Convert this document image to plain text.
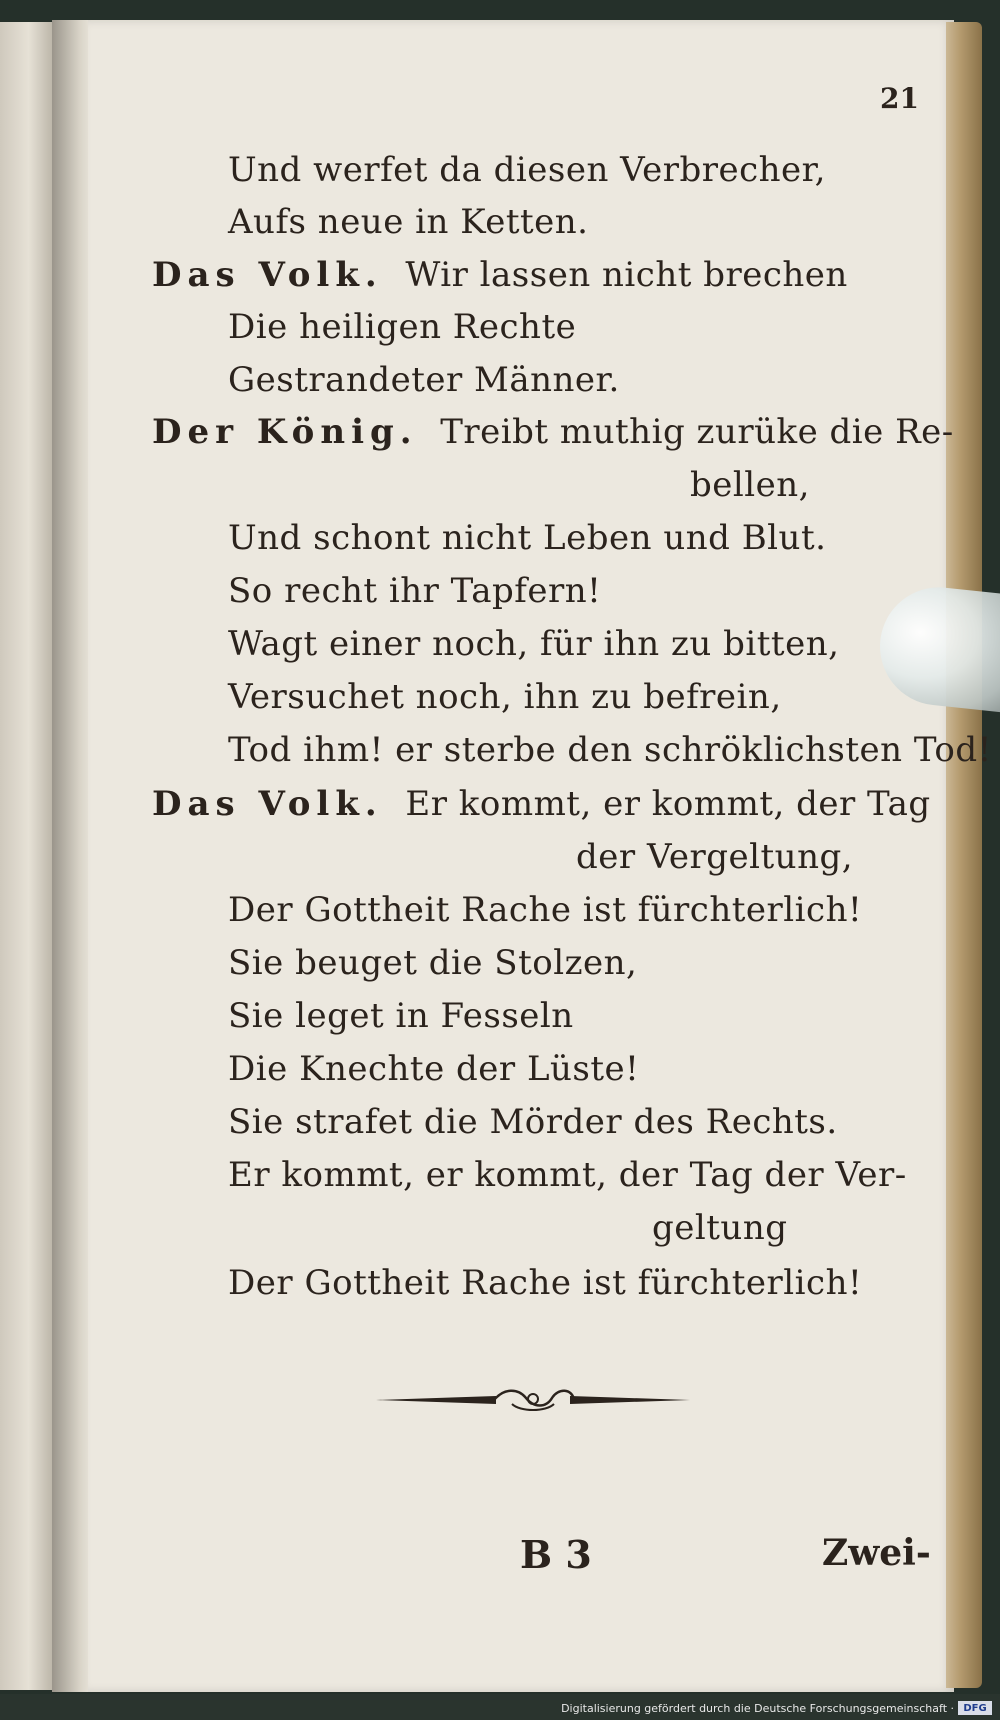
21
Und werfet da diesen Verbrecher,
Aufs neue in Ketten.
Das Volk. Wir lassen nicht brechen
Die heiligen Rechte
Gestrandeter Männer.
Der König. Treibt muthig zurüke die Re-
bellen,
Und schont nicht Leben und Blut.
So recht ihr Tapfern!
Wagt einer noch, für ihn zu bitten,
Versuchet noch, ihn zu befrein,
Tod ihm! er sterbe den schröklichsten Tod!
Das Volk. Er kommt, er kommt, der Tag
der Vergeltung,
Der Gottheit Rache ist fürchterlich!
Sie beuget die Stolzen,
Sie leget in Fesseln
Die Knechte der Lüste!
Sie strafet die Mörder des Rechts.
Er kommt, er kommt, der Tag der Ver-
geltung
Der Gottheit Rache ist fürchterlich!
B 3	Zwei-
Digitalisierung gefördert durch die Deutsche Forschungsgemeinschaft · DFG
